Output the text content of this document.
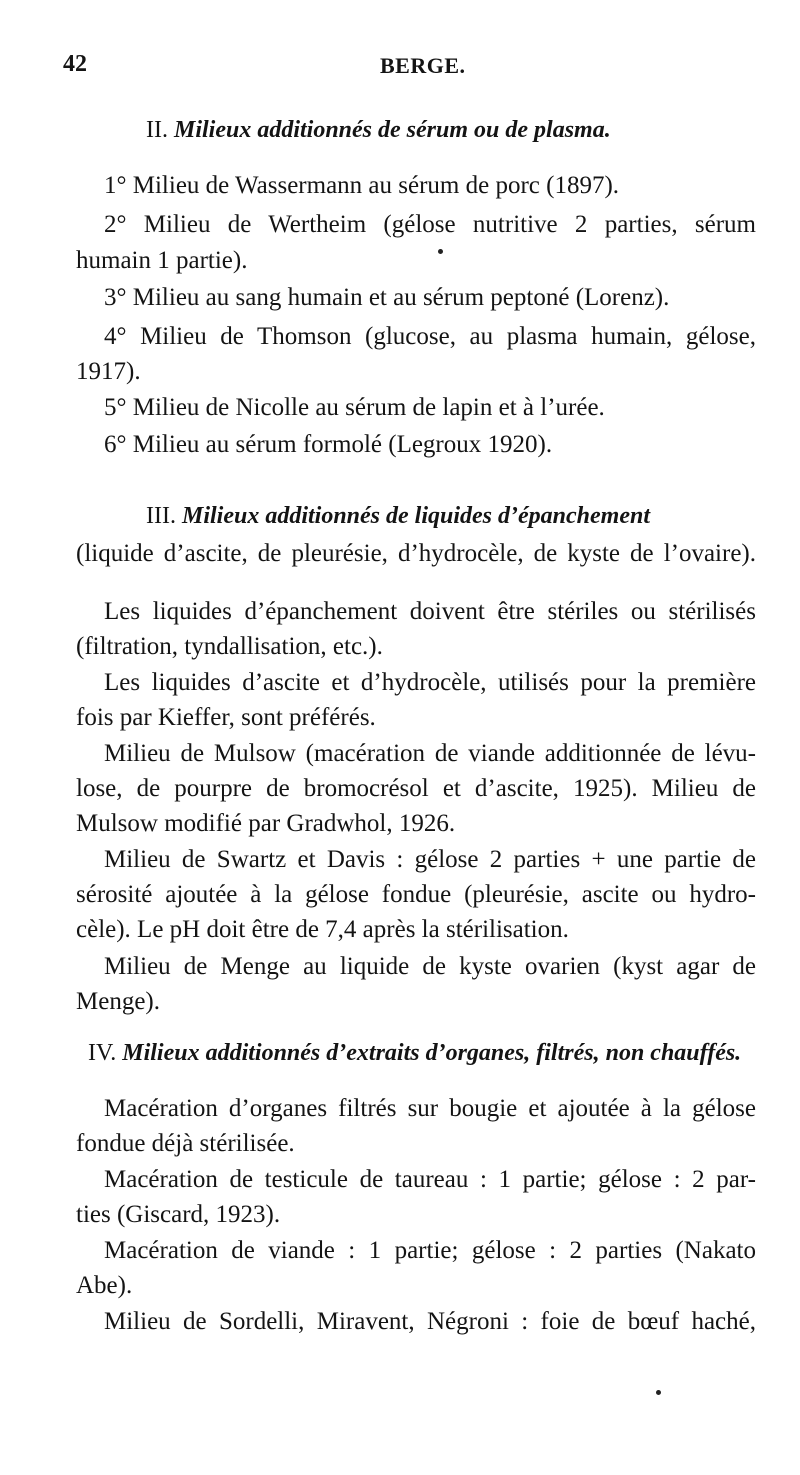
42	BERGE.
II. Milieux additionnés de sérum ou de plasma.
1° Milieu de Wassermann au sérum de porc (1897).
2° Milieu de Wertheim (gélose nutritive 2 parties, sérum
humain 1 partie).
3° Milieu au sang humain et au sérum peptoné (Lorenz).
4° Milieu de Thomson (glucose, au plasma humain, gélose,
1917).
5° Milieu de Nicolle au sérum de lapin et à l’urée.
6° Milieu au sérum formolé (Legroux 1920).
III. Milieux additionnés de liquides d’épanchement
(liquide d’ascite, de pleurésie, d’hydrocèle, de kyste de l’ovaire).
Les liquides d’épanchement doivent être stériles ou stérilisés
(filtration, tyndallisation, etc.).
Les liquides d’ascite et d’hydrocèle, utilisés pour la première
fois par Kieffer, sont préférés.
Milieu de Mulsow (macération de viande additionnée de lévu-
lose, de pourpre de bromocrésol et d’ascite, 1925). Milieu de
Mulsow modifié par Gradwhol, 1926.
Milieu de Swartz et Davis : gélose 2 parties + une partie de
sérosité ajoutée à la gélose fondue (pleurésie, ascite ou hydro-
cèle). Le pH doit être de 7,4 après la stérilisation.
Milieu de Menge au liquide de kyste ovarien (kyst agar de
Menge).
IV. Milieux additionnés d’extraits d’organes, filtrés, non chauffés.
Macération d’organes filtrés sur bougie et ajoutée à la gélose
fondue déjà stérilisée.
Macération de testicule de taureau : 1 partie; gélose : 2 par-
ties (Giscard, 1923).
Macération de viande : 1 partie; gélose : 2 parties (Nakato
Abe).
Milieu de Sordelli, Miravent, Négroni : foie de bœuf haché,
